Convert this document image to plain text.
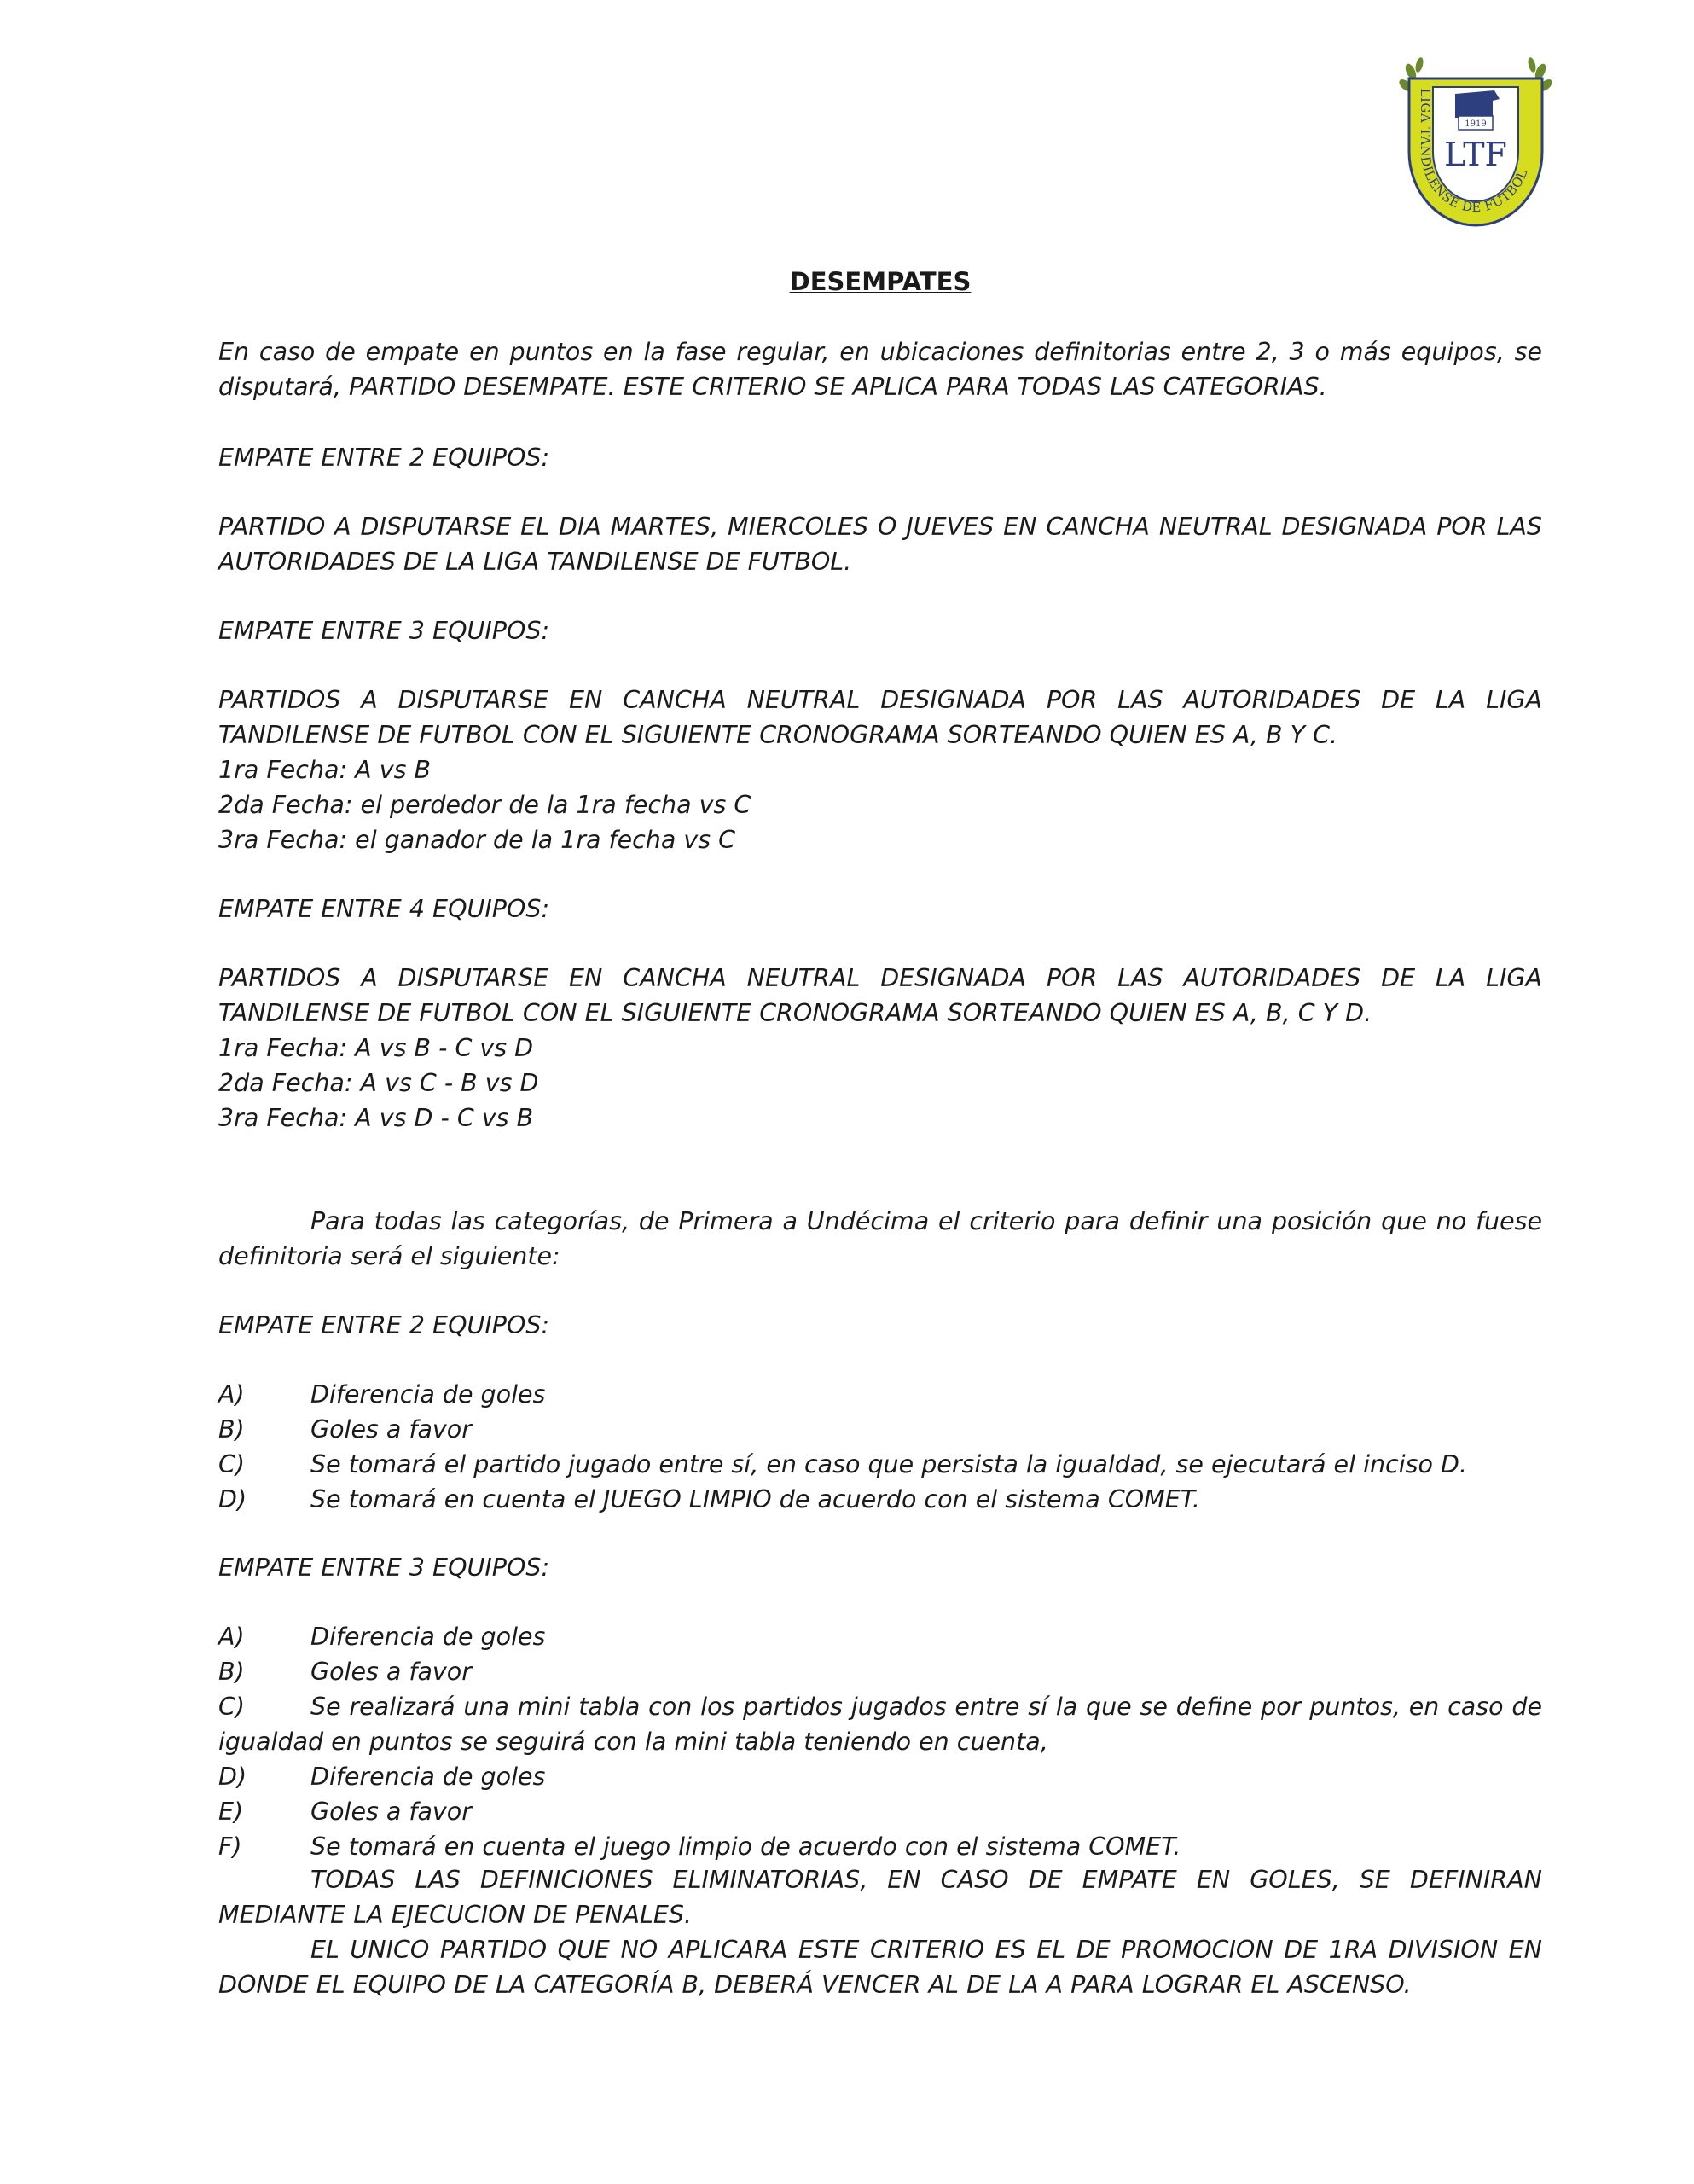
LIGA TANDILENSE DE FUTBOL
1919
LTF
DESEMPATES

En caso de empate en puntos en la fase regular, en ubicaciones definitorias entre 2, 3 o más equipos, se disputará, PARTIDO DESEMPATE. ESTE CRITERIO SE APLICA PARA TODAS LAS CATEGORIAS.

EMPATE ENTRE 2 EQUIPOS:

PARTIDO A DISPUTARSE EL DIA MARTES, MIERCOLES O JUEVES EN CANCHA NEUTRAL DESIGNADA POR LAS AUTORIDADES DE LA LIGA TANDILENSE DE FUTBOL.

EMPATE ENTRE 3 EQUIPOS:

PARTIDOS A DISPUTARSE EN CANCHA NEUTRAL DESIGNADA POR LAS AUTORIDADES DE LA LIGA TANDILENSE DE FUTBOL CON EL SIGUIENTE CRONOGRAMA SORTEANDO QUIEN ES A, B Y C.
1ra Fecha: A vs B
2da Fecha: el perdedor de la 1ra fecha vs C
3ra Fecha: el ganador de la 1ra fecha vs C

EMPATE ENTRE 4 EQUIPOS:

PARTIDOS A DISPUTARSE EN CANCHA NEUTRAL DESIGNADA POR LAS AUTORIDADES DE LA LIGA TANDILENSE DE FUTBOL CON EL SIGUIENTE CRONOGRAMA SORTEANDO QUIEN ES A, B, C Y D.
1ra Fecha: A vs B - C vs D
2da Fecha: A vs C - B vs D
3ra Fecha: A vs D - C vs B

Para todas las categorías, de Primera a Undécima el criterio para definir una posición que no fuese definitoria será el siguiente:

EMPATE ENTRE 2 EQUIPOS:

A)	Diferencia de goles
B)	Goles a favor
C)	Se tomará el partido jugado entre sí, en caso que persista la igualdad, se ejecutará el inciso D.
D)	Se tomará en cuenta el JUEGO LIMPIO de acuerdo con el sistema COMET.

EMPATE ENTRE 3 EQUIPOS:

A)	Diferencia de goles
B)	Goles a favor
C)	Se realizará una mini tabla con los partidos jugados entre sí la que se define por puntos, en caso de igualdad en puntos se seguirá con la mini tabla teniendo en cuenta,
D)	Diferencia de goles
E)	Goles a favor
F)	Se tomará en cuenta el juego limpio de acuerdo con el sistema COMET.
TODAS LAS DEFINICIONES ELIMINATORIAS, EN CASO DE EMPATE EN GOLES, SE DEFINIRAN MEDIANTE LA EJECUCION DE PENALES.
EL UNICO PARTIDO QUE NO APLICARA ESTE CRITERIO ES EL DE PROMOCION DE 1RA DIVISION EN DONDE EL EQUIPO DE LA CATEGORÍA B, DEBERÁ VENCER AL DE LA A PARA LOGRAR EL ASCENSO.
